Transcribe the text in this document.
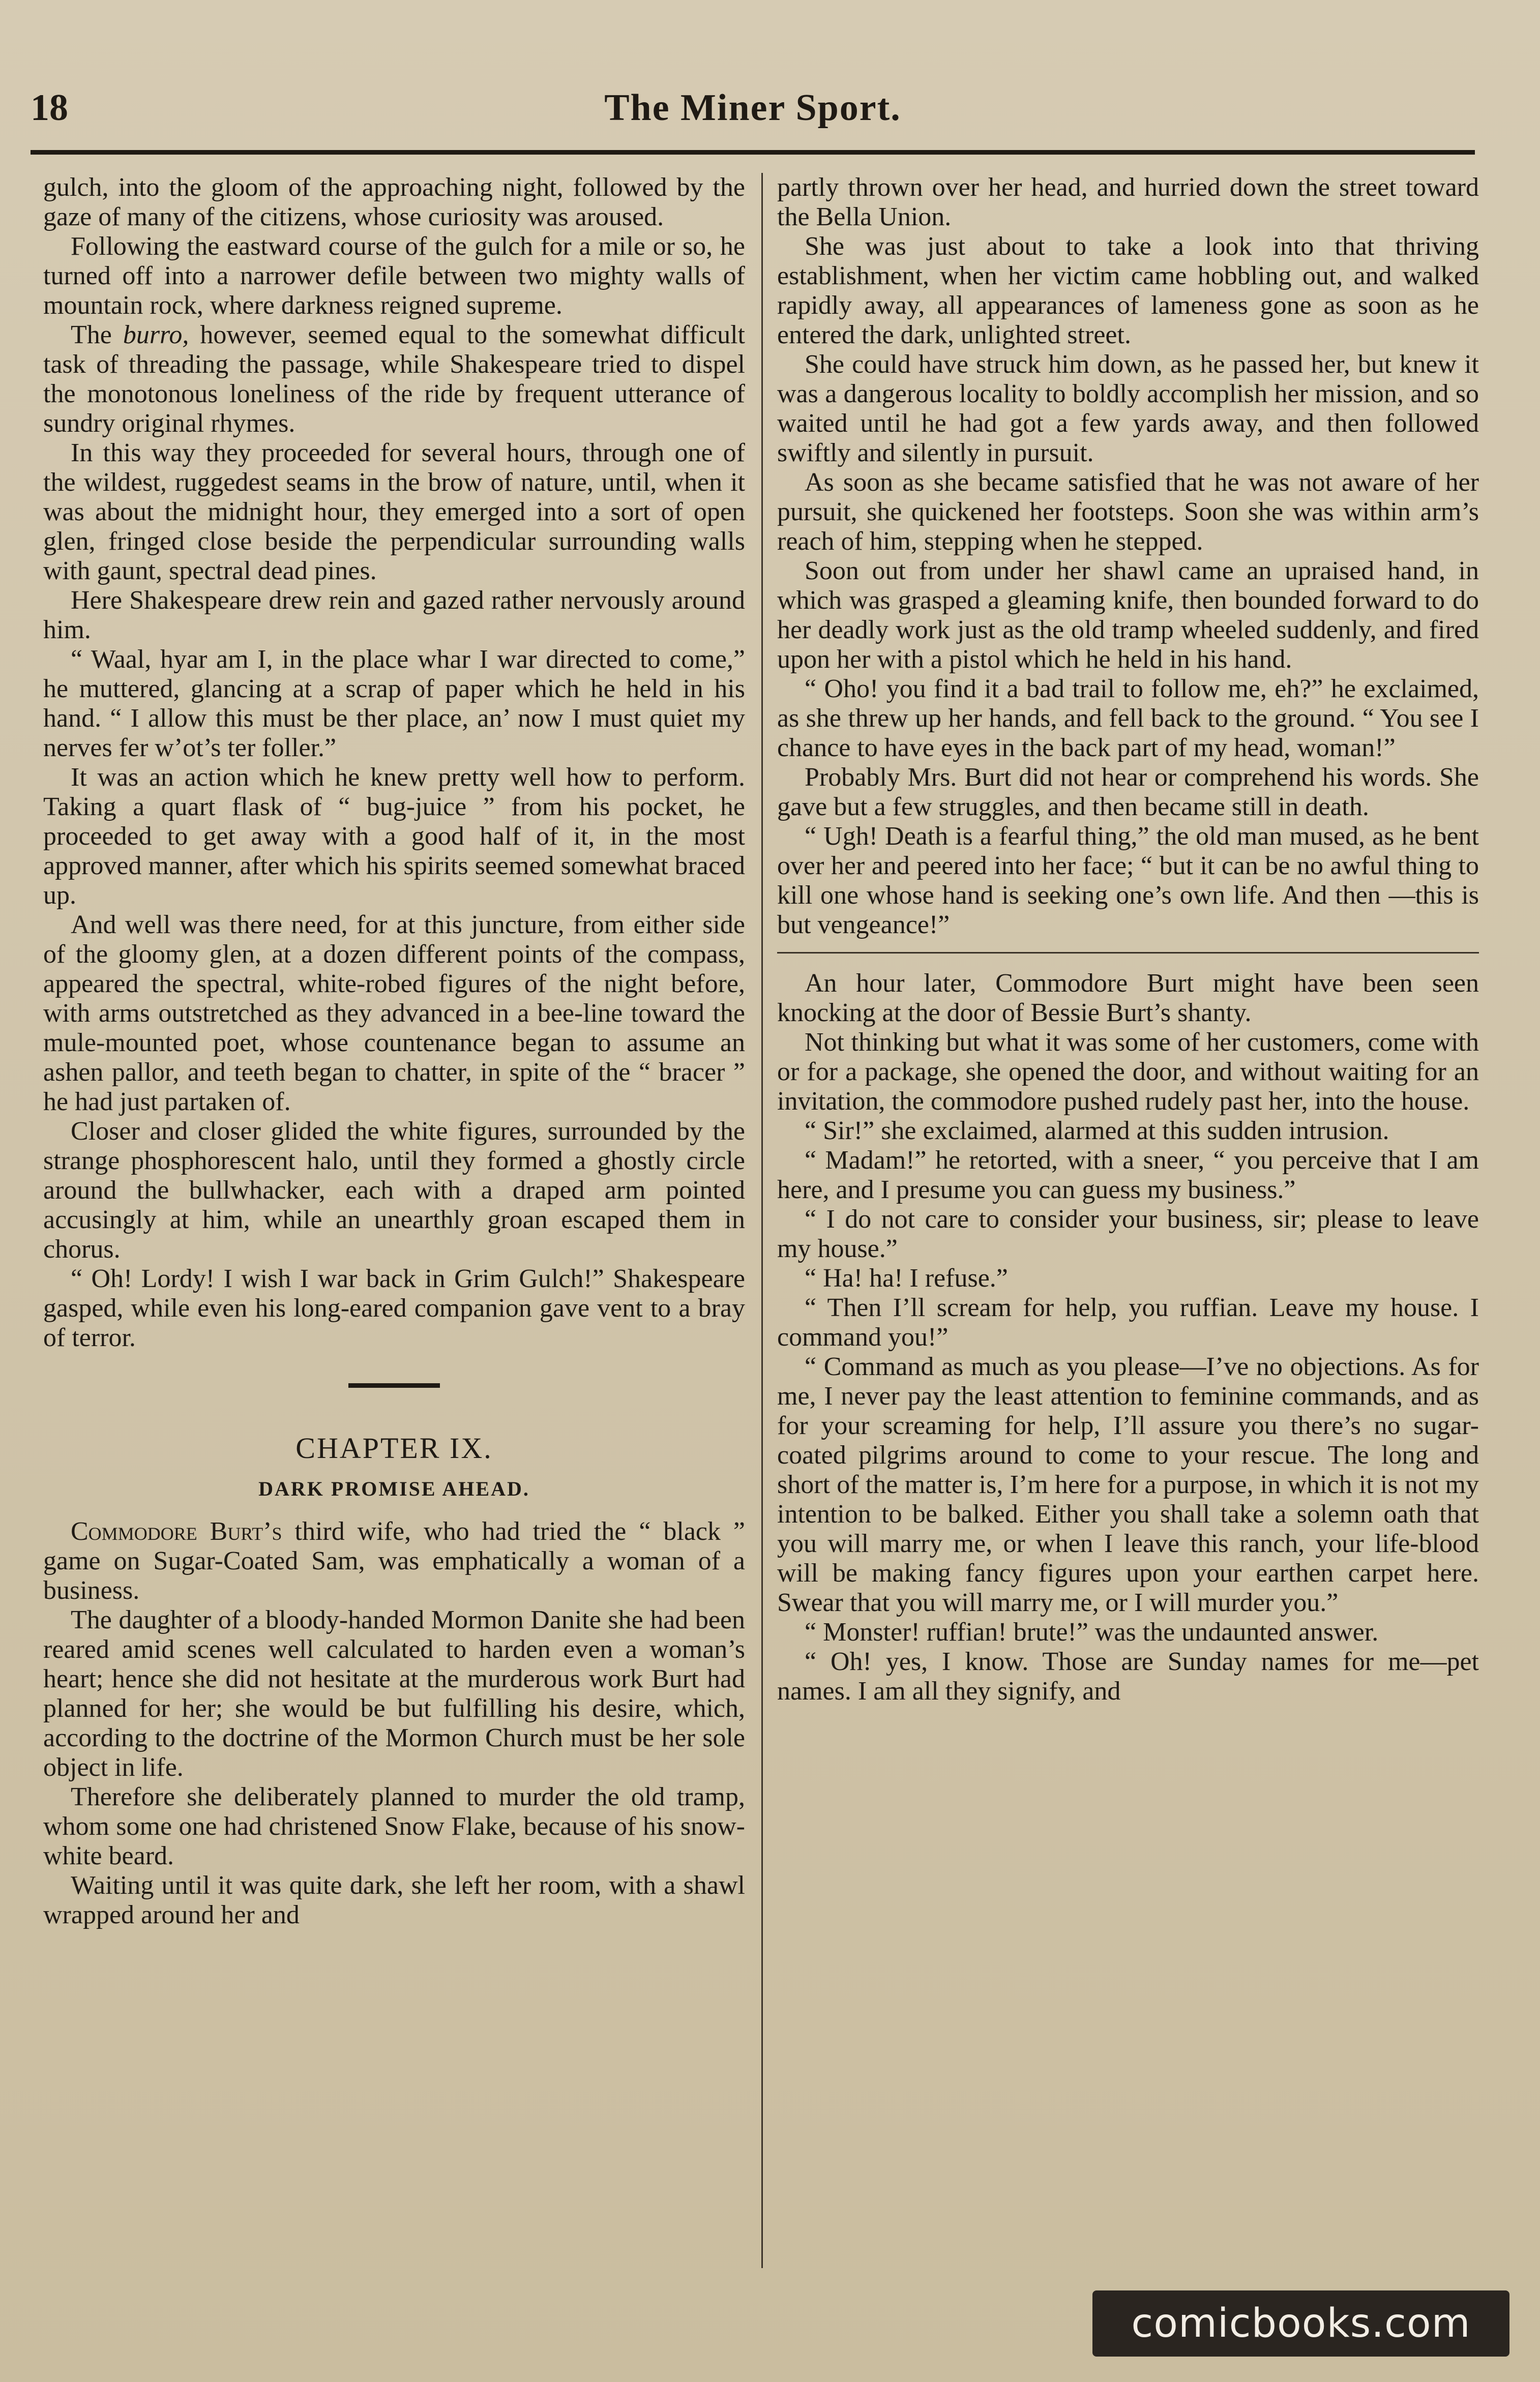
18	The Miner Sport.

gulch, into the gloom of the approaching night, followed by the gaze of many of the citizens, whose curiosity was aroused.

Following the eastward course of the gulch for a mile or so, he turned off into a narrower defile between two mighty walls of mountain rock, where darkness reigned supreme.

The burro, however, seemed equal to the somewhat difficult task of threading the passage, while Shakespeare tried to dispel the monotonous loneliness of the ride by frequent utterance of sundry original rhymes.

In this way they proceeded for several hours, through one of the wildest, ruggedest seams in the brow of nature, until, when it was about the midnight hour, they emerged into a sort of open glen, fringed close beside the perpendicular surrounding walls with gaunt, spectral dead pines.

Here Shakespeare drew rein and gazed rather nervously around him.

“ Waal, hyar am I, in the place whar I war directed to come,” he muttered, glancing at a scrap of paper which he held in his hand. “ I allow this must be ther place, an’ now I must quiet my nerves fer w’ot’s ter foller.”

It was an action which he knew pretty well how to perform. Taking a quart flask of “ bug-juice ” from his pocket, he proceeded to get away with a good half of it, in the most approved manner, after which his spirits seemed somewhat braced up.

And well was there need, for at this juncture, from either side of the gloomy glen, at a dozen different points of the compass, appeared the spectral, white-robed figures of the night before, with arms outstretched as they advanced in a bee-line toward the mule-mounted poet, whose countenance began to assume an ashen pallor, and teeth began to chatter, in spite of the “ bracer ” he had just partaken of.

Closer and closer glided the white figures, surrounded by the strange phosphorescent halo, until they formed a ghostly circle around the bullwhacker, each with a draped arm pointed accusingly at him, while an unearthly groan escaped them in chorus.

“ Oh! Lordy! I wish I war back in Grim Gulch!” Shakespeare gasped, while even his long-eared companion gave vent to a bray of terror.

CHAPTER IX.
DARK PROMISE AHEAD.

Commodore Burt’s third wife, who had tried the “ black ” game on Sugar-Coated Sam, was emphatically a woman of a business.

The daughter of a bloody-handed Mormon Danite she had been reared amid scenes well calculated to harden even a woman’s heart; hence she did not hesitate at the murderous work Burt had planned for her; she would be but fulfilling his desire, which, according to the doctrine of the Mormon Church must be her sole object in life.

Therefore she deliberately planned to murder the old tramp, whom some one had christened Snow Flake, because of his snow-white beard.

Waiting until it was quite dark, she left her room, with a shawl wrapped around her and

partly thrown over her head, and hurried down the street toward the Bella Union.

She was just about to take a look into that thriving establishment, when her victim came hobbling out, and walked rapidly away, all appearances of lameness gone as soon as he entered the dark, unlighted street.

She could have struck him down, as he passed her, but knew it was a dangerous locality to boldly accomplish her mission, and so waited until he had got a few yards away, and then followed swiftly and silently in pursuit.

As soon as she became satisfied that he was not aware of her pursuit, she quickened her footsteps. Soon she was within arm’s reach of him, stepping when he stepped.

Soon out from under her shawl came an upraised hand, in which was grasped a gleaming knife, then bounded forward to do her deadly work just as the old tramp wheeled suddenly, and fired upon her with a pistol which he held in his hand.

“ Oho! you find it a bad trail to follow me, eh?” he exclaimed, as she threw up her hands, and fell back to the ground. “ You see I chance to have eyes in the back part of my head, woman!”

Probably Mrs. Burt did not hear or comprehend his words. She gave but a few struggles, and then became still in death.

“ Ugh! Death is a fearful thing,” the old man mused, as he bent over her and peered into her face; “ but it can be no awful thing to kill one whose hand is seeking one’s own life. And then —this is but vengeance!”

An hour later, Commodore Burt might have been seen knocking at the door of Bessie Burt’s shanty.

Not thinking but what it was some of her customers, come with or for a package, she opened the door, and without waiting for an invitation, the commodore pushed rudely past her, into the house.

“ Sir!” she exclaimed, alarmed at this sudden intrusion.

“ Madam!” he retorted, with a sneer, “ you perceive that I am here, and I presume you can guess my business.”

“ I do not care to consider your business, sir; please to leave my house.”

“ Ha! ha! I refuse.”

“ Then I’ll scream for help, you ruffian. Leave my house. I command you!”

“ Command as much as you please—I’ve no objections. As for me, I never pay the least attention to feminine commands, and as for your screaming for help, I’ll assure you there’s no sugar-coated pilgrims around to come to your rescue. The long and short of the matter is, I’m here for a purpose, in which it is not my intention to be balked. Either you shall take a solemn oath that you will marry me, or when I leave this ranch, your life-blood will be making fancy figures upon your earthen carpet here. Swear that you will marry me, or I will murder you.”

“ Monster! ruffian! brute!” was the undaunted answer.

“ Oh! yes, I know. Those are Sunday names for me—pet names. I am all they signify, and

comicbooks.com
